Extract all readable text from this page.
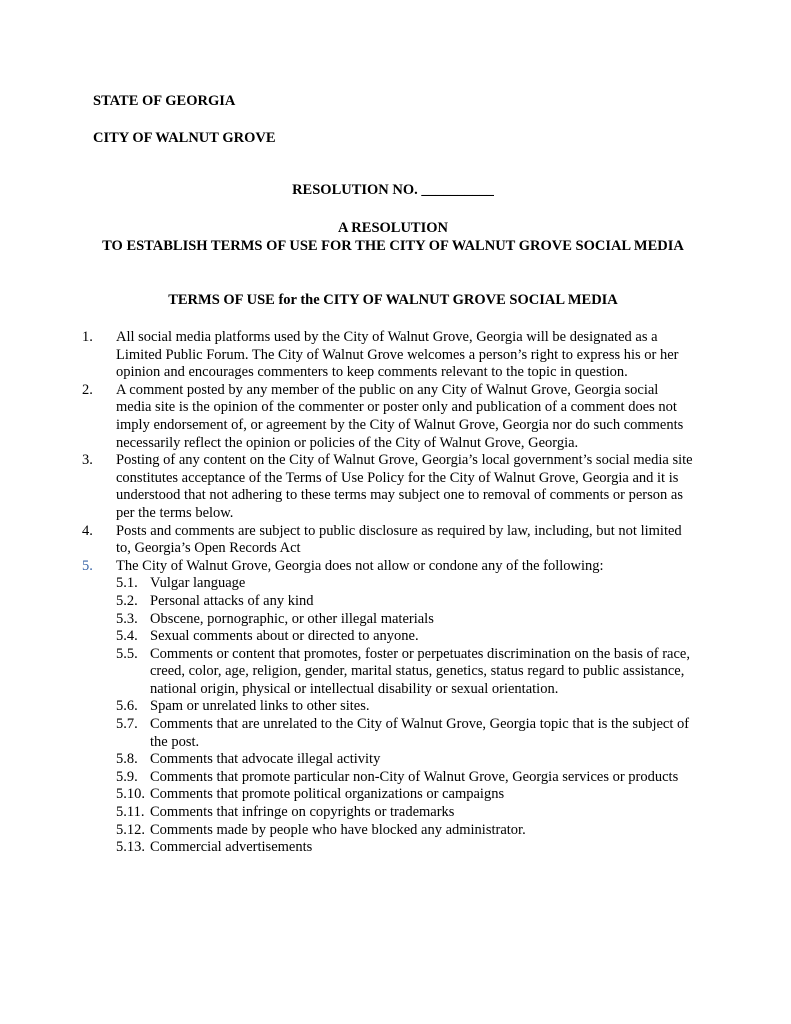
STATE OF GEORGIA

CITY OF WALNUT GROVE

RESOLUTION NO. __________

A RESOLUTION

TO ESTABLISH TERMS OF USE FOR THE CITY OF WALNUT GROVE SOCIAL MEDIA

TERMS OF USE for the CITY OF WALNUT GROVE SOCIAL MEDIA

1. All social media platforms used by the City of Walnut Grove, Georgia will be designated as a Limited Public Forum. The City of Walnut Grove welcomes a person’s right to express his or her opinion and encourages commenters to keep comments relevant to the topic in question.
2. A comment posted by any member of the public on any City of Walnut Grove, Georgia social media site is the opinion of the commenter or poster only and publication of a comment does not imply endorsement of, or agreement by the City of Walnut Grove, Georgia nor do such comments necessarily reflect the opinion or policies of the City of Walnut Grove, Georgia.
3. Posting of any content on the City of Walnut Grove, Georgia’s local government’s social media site constitutes acceptance of the Terms of Use Policy for the City of Walnut Grove, Georgia and it is understood that not adhering to these terms may subject one to removal of comments or person as per the terms below.
4. Posts and comments are subject to public disclosure as required by law, including, but not limited to, Georgia’s Open Records Act
5. The City of Walnut Grove, Georgia does not allow or condone any of the following:
5.1. Vulgar language
5.2. Personal attacks of any kind
5.3. Obscene, pornographic, or other illegal materials
5.4. Sexual comments about or directed to anyone.
5.5. Comments or content that promotes, foster or perpetuates discrimination on the basis of race, creed, color, age, religion, gender, marital status, genetics, status regard to public assistance, national origin, physical or intellectual disability or sexual orientation.
5.6. Spam or unrelated links to other sites.
5.7. Comments that are unrelated to the City of Walnut Grove, Georgia topic that is the subject of the post.
5.8. Comments that advocate illegal activity
5.9. Comments that promote particular non-City of Walnut Grove, Georgia services or products
5.10. Comments that promote political organizations or campaigns
5.11. Comments that infringe on copyrights or trademarks
5.12. Comments made by people who have blocked any administrator.
5.13. Commercial advertisements
